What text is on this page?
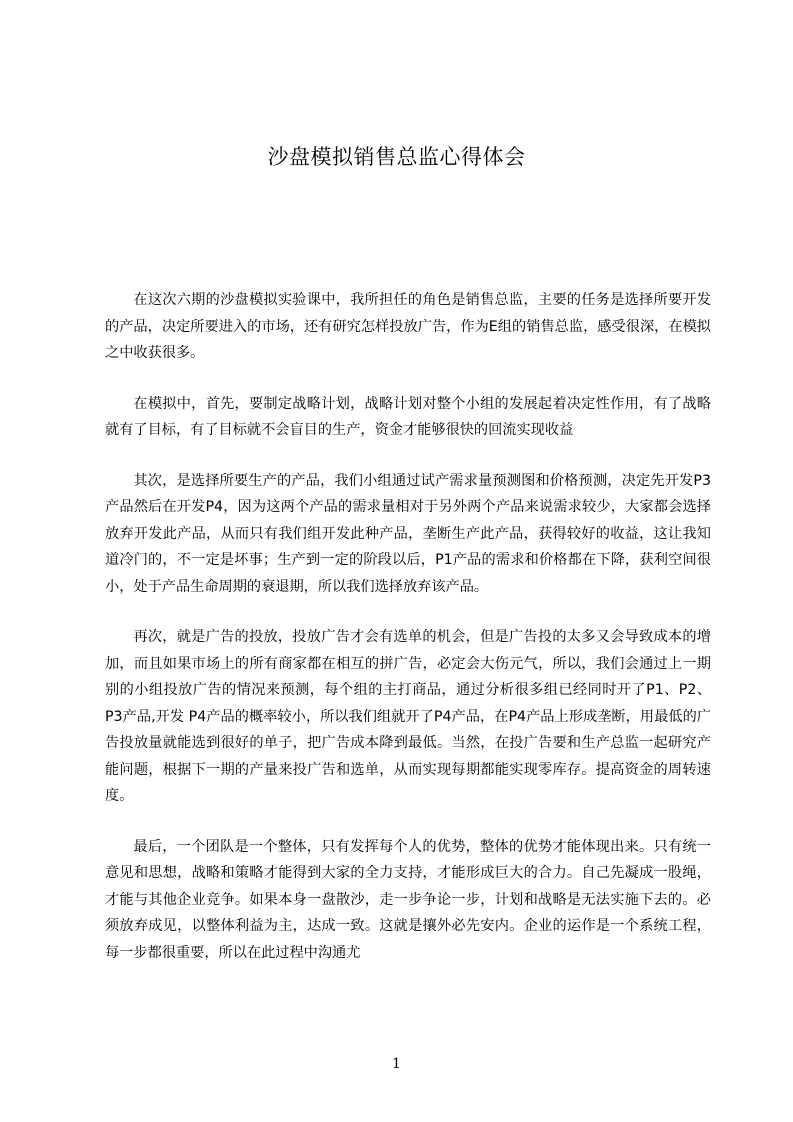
沙盘模拟销售总监心得体会

在这次六期的沙盘模拟实验课中，我所担任的角色是销售总监，主要的任务是选择所要开发的产品，决定所要进入的市场，还有研究怎样投放广告，作为E组的销售总监，感受很深，在模拟之中收获很多。

在模拟中，首先，要制定战略计划，战略计划对整个小组的发展起着决定性作用，有了战略就有了目标，有了目标就不会盲目的生产，资金才能够很快的回流实现收益

其次，是选择所要生产的产品，我们小组通过试产需求量预测图和价格预测，决定先开发P3产品然后在开发P4，因为这两个产品的需求量相对于另外两个产品来说需求较少，大家都会选择放弃开发此产品，从而只有我们组开发此种产品，垄断生产此产品，获得较好的收益，这让我知道冷门的，不一定是坏事；生产到一定的阶段以后，P1产品的需求和价格都在下降，获利空间很小，处于产品生命周期的衰退期，所以我们选择放弃该产品。

再次，就是广告的投放，投放广告才会有选单的机会，但是广告投的太多又会导致成本的增加，而且如果市场上的所有商家都在相互的拼广告，必定会大伤元气，所以，我们会通过上一期别的小组投放广告的情况来预测，每个组的主打商品，通过分析很多组已经同时开了P1、P2、P3产品,开发 P4产品的概率较小，所以我们组就开了P4产品，在P4产品上形成垄断，用最低的广告投放量就能选到很好的单子，把广告成本降到最低。当然，在投广告要和生产总监一起研究产能问题，根据下一期的产量来投广告和选单，从而实现每期都能实现零库存。提高资金的周转速度。

最后，一个团队是一个整体，只有发挥每个人的优势，整体的优势才能体现出来。只有统一意见和思想，战略和策略才能得到大家的全力支持，才能形成巨大的合力。自己先凝成一股绳，才能与其他企业竞争。如果本身一盘散沙，走一步争论一步，计划和战略是无法实施下去的。必须放弃成见，以整体利益为主，达成一致。这就是攘外必先安内。企业的运作是一个系统工程，每一步都很重要，所以在此过程中沟通尤

1
